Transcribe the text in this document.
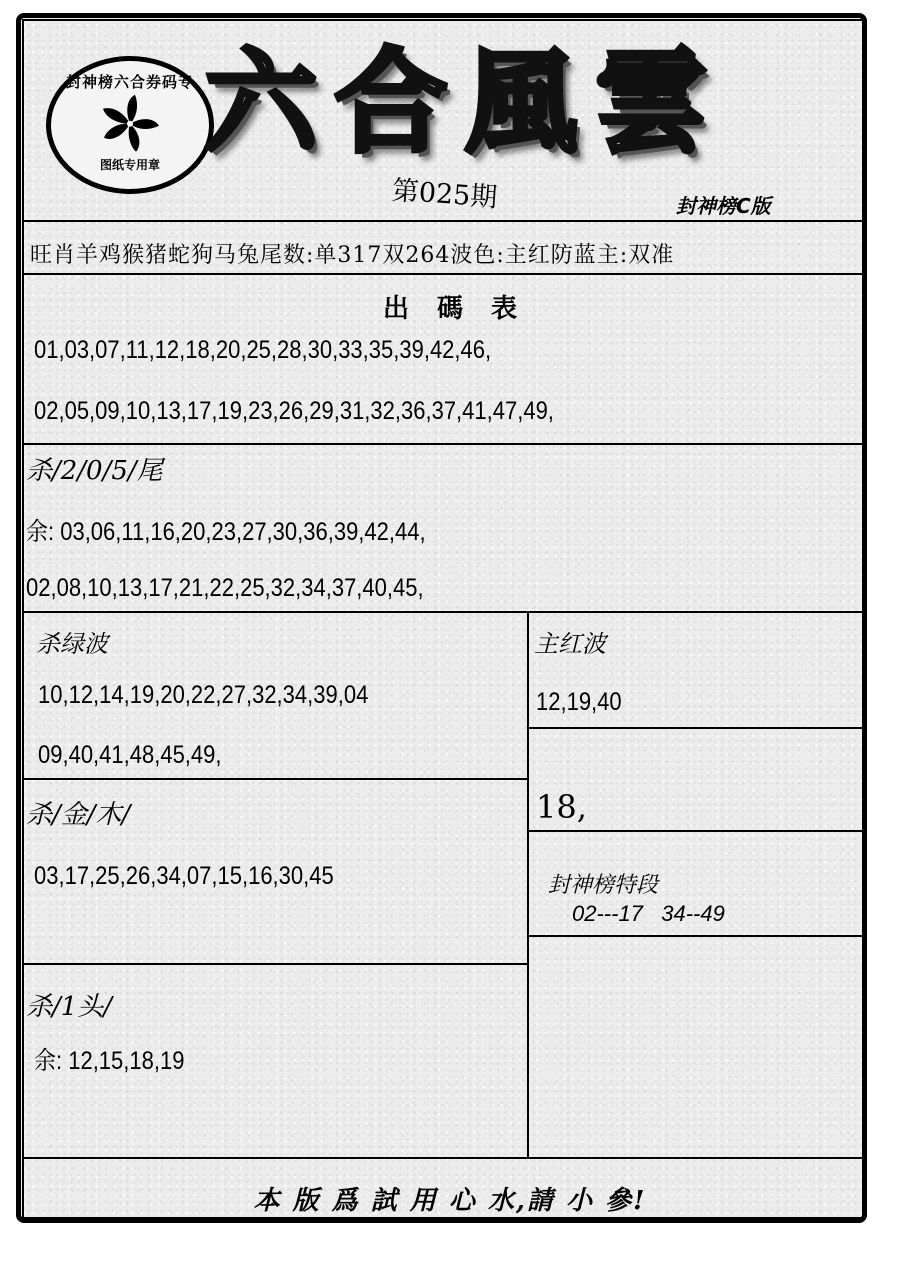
封神榜六合券码专
图纸专用章 六合風雲
第025期	封神榜C版
旺肖羊鸡猴猪蛇狗马兔尾数:单317双264波色:主红防蓝主:双准
出碼表
01,03,07,11,12,18,20,25,28,30,33,35,39,42,46,
02,05,09,10,13,17,19,23,26,29,31,32,36,37,41,47,49,
杀/2/0/5/尾
余: 03,06,11,16,20,23,27,30,36,39,42,44,
02,08,10,13,17,21,22,25,32,34,37,40,45,
杀绿波
10,12,14,19,20,22,27,32,34,39,04
09,40,41,48,45,49,
主红波
12,19,40
18,
杀/金/木/
03,17,25,26,34,07,15,16,30,45	封神榜特段
02---17   34--49
杀/1头/
余: 12,15,18,19
本 版 爲 試 用 心 水,請 小 參!
